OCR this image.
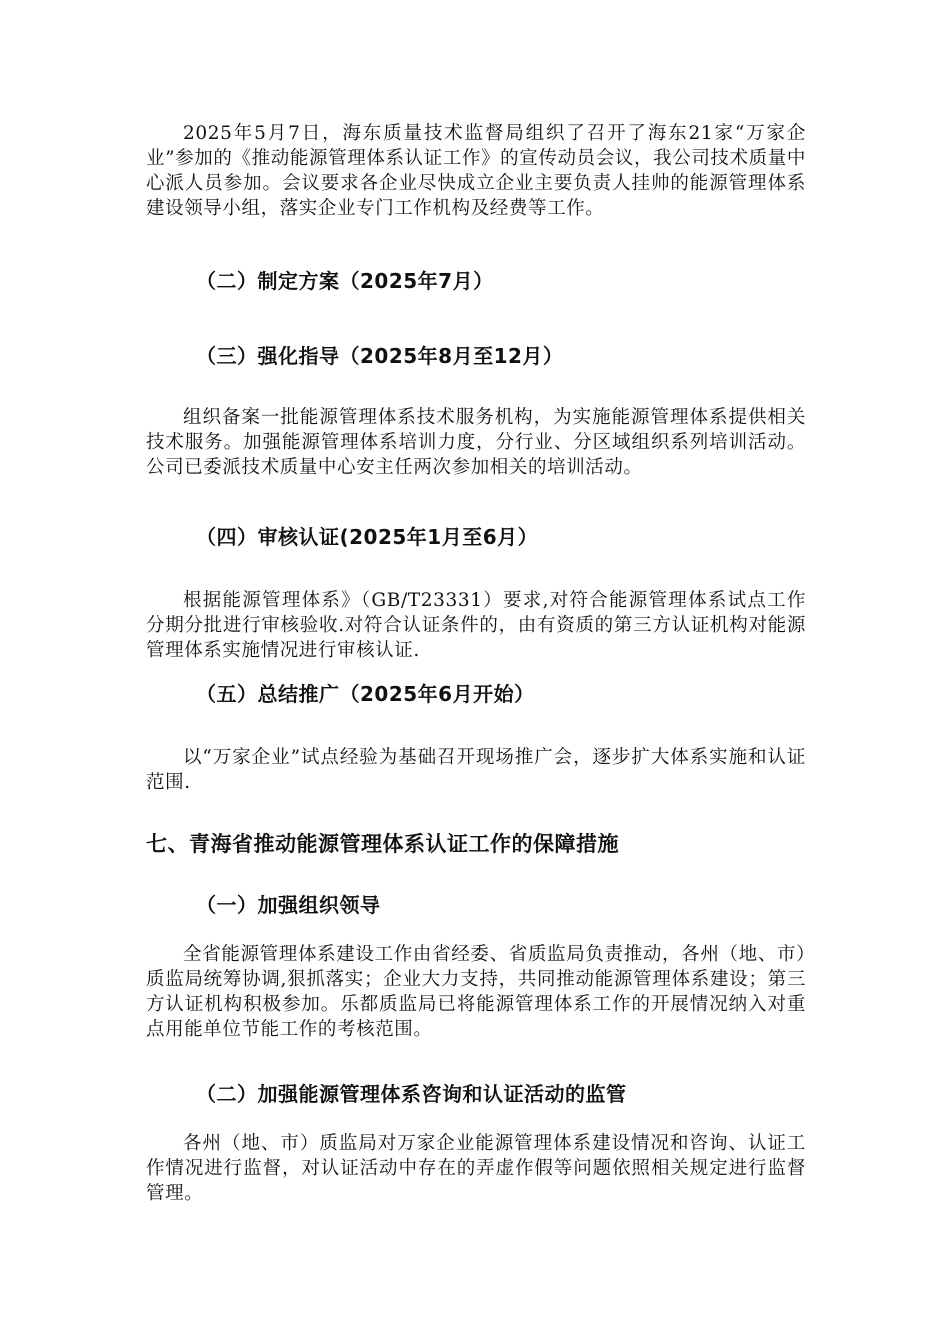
2025年5月7日，海东质量技术监督局组织了召开了海东21家“万家企业”参加的《推动能源管理体系认证工作》的宣传动员会议，我公司技术质量中心派人员参加。会议要求各企业尽快成立企业主要负责人挂帅的能源管理体系建设领导小组，落实企业专门工作机构及经费等工作。

（二）制定方案（2025年7月）
（三）强化指导（2025年8月至12月）

组织备案一批能源管理体系技术服务机构，为实施能源管理体系提供相关技术服务。加强能源管理体系培训力度，分行业、分区域组织系列培训活动。公司已委派技术质量中心安主任两次参加相关的培训活动。

（四）审核认证(2025年1月至6月）

根据能源管理体系》（GB/T23331）要求,对符合能源管理体系试点工作分期分批进行审核验收.对符合认证条件的，由有资质的第三方认证机构对能源管理体系实施情况进行审核认证.

（五）总结推广（2025年6月开始）

以“万家企业”试点经验为基础召开现场推广会，逐步扩大体系实施和认证范围.

七、青海省推动能源管理体系认证工作的保障措施
（一）加强组织领导

全省能源管理体系建设工作由省经委、省质监局负责推动，各州（地、市）质监局统筹协调,狠抓落实；企业大力支持，共同推动能源管理体系建设；第三方认证机构积极参加。乐都质监局已将能源管理体系工作的开展情况纳入对重点用能单位节能工作的考核范围。

（二）加强能源管理体系咨询和认证活动的监管

各州（地、市）质监局对万家企业能源管理体系建设情况和咨询、认证工作情况进行监督，对认证活动中存在的弄虚作假等问题依照相关规定进行监督管理。
